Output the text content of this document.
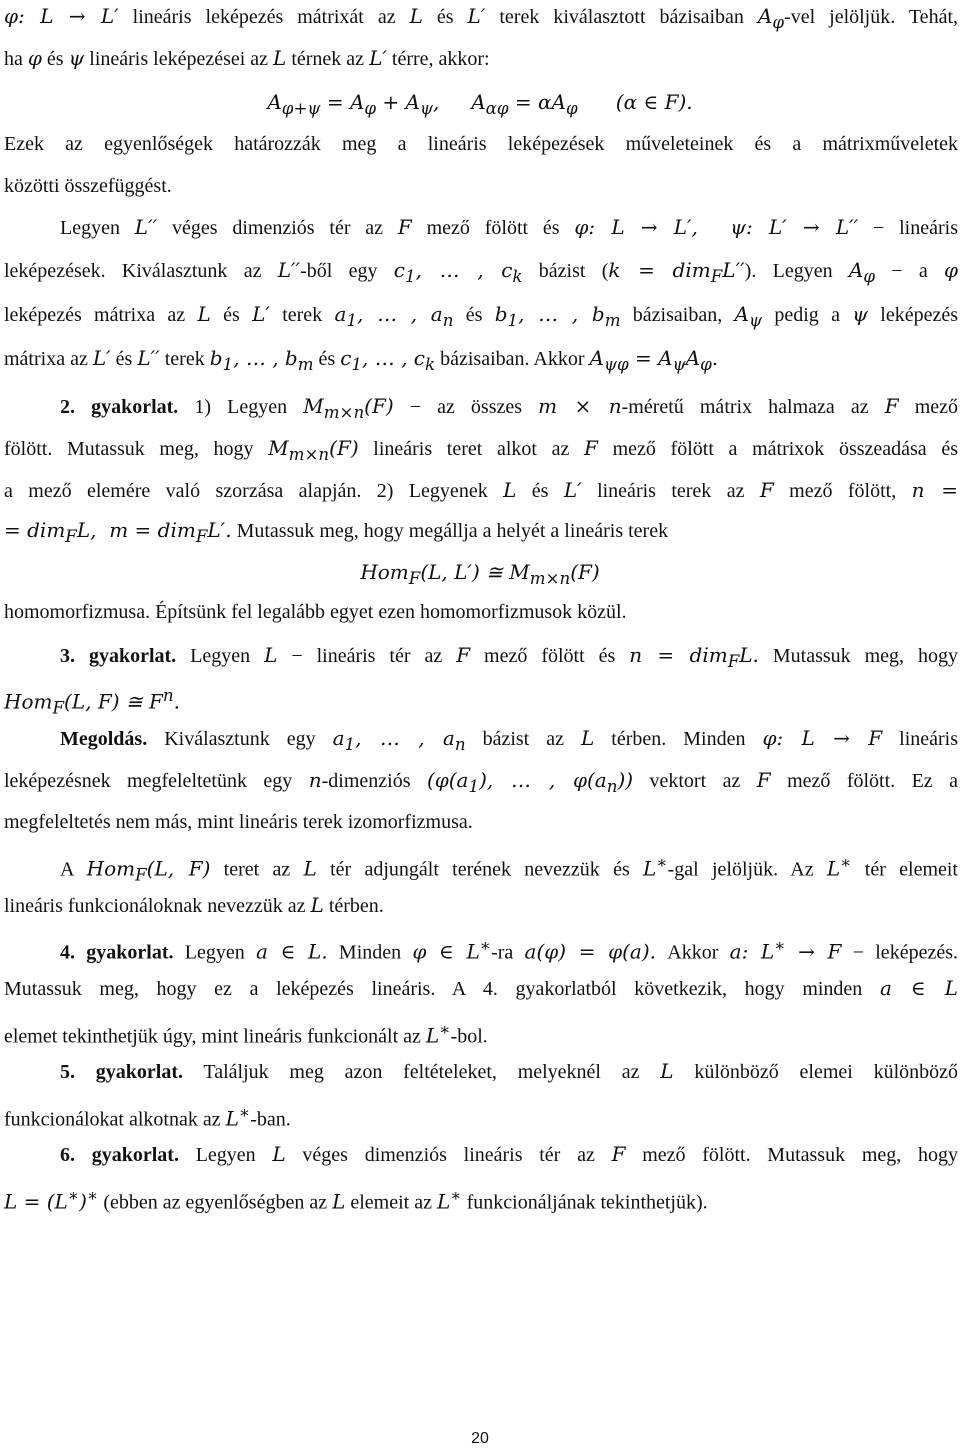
φ: L → L′ lineáris leképezés mátrixát az L és L′ terek kiválasztott bázisaiban $A_\varphi$-vel jelöljük. Tehát,
ha φ és ψ lineáris leképezései az L térnek az L′ térre, akkor:
$A_{\varphi+\psi} = A_\varphi + A_\psi$,     $A_{\alpha\varphi} = \alpha A_\varphi$      (α ∈ F).
Ezek az egyenlőségek határozzák meg a lineáris leképezések műveleteinek és a mátrixműveletek
közötti összefüggést.
Legyen L′′ véges dimenziós tér az F mező fölött és φ: L → L′,  ψ: L′ → L′′ − lineáris
leképezések. Kiválasztunk az L′′-ből egy $c_1$, … , $c_k$ bázist (k = dim$_F$L′′). Legyen $A_\varphi - a$ φ
leképezés mátrixa az L és L′ terek $a_1$, … , $a_n$ és $b_1$, … , $b_m$ bázisaiban, $A_\psi$ pedig a ψ leképezés
mátrixa az L′ és L′′ terek $b_1$, … , $b_m$ és $c_1$, … , $c_k$ bázisaiban. Akkor $A_{\psi\varphi} = A_\psi A_\varphi$.
2. gyakorlat. 1) Legyen $M_{m\times n}(F)$ − az összes m × n-méretű mátrix halmaza az F mező
fölött. Mutassuk meg, hogy $M_{m\times n}(F)$ lineáris teret alkot az F mező fölött a mátrixok összeadása és
a mező elemére való szorzása alapján. 2) Legyenek L és L′ lineáris terek az F mező fölött, n =
= dim$_F$L,  m = dim$_F$L′. Mutassuk meg, hogy megállja a helyét a lineáris terek
Hom$_F$(L, L′) ≅ $M_{m\times n}(F)$
homomorfizmusa. Építsünk fel legalább egyet ezen homomorfizmusok közül.
3. gyakorlat. Legyen L − lineáris tér az F mező fölött és n = dim$_F$L. Mutassuk meg, hogy
Hom$_F$(L, F) ≅ $F^n$.
Megoldás. Kiválasztunk egy $a_1$, … , $a_n$ bázist az L térben. Minden φ: L → F lineáris
leképezésnek megfeleltetünk egy n-dimenziós ($\varphi(a_1)$, … , $\varphi(a_n)$) vektort az F mező fölött. Ez a
megfeleltetés nem más, mint lineáris terek izomorfizmusa.
A Hom$_F$(L, F) teret az L tér adjungált terének nevezzük és L∗-gal jelöljük. Az L∗ tér elemeit
lineáris funkcionáloknak nevezzük az L térben.
4. gyakorlat. Legyen a ∈ L. Minden φ ∈ L∗-ra a(φ) = φ(a). Akkor a: L∗ → F − leképezés.
Mutassuk meg, hogy ez a leképezés lineáris. A 4. gyakorlatból következik, hogy minden a ∈ L
elemet tekinthetjük úgy, mint lineáris funkcionált az L∗-bol.
5. gyakorlat. Találjuk meg azon feltételeket, melyeknél az L különböző elemei különböző
funkcionálokat alkotnak az L∗-ban.
6. gyakorlat. Legyen L véges dimenziós lineáris tér az F mező fölött. Mutassuk meg, hogy
L = (L∗)∗ (ebben az egyenlőségben az L elemeit az L∗ funkcionáljának tekinthetjük).
20
